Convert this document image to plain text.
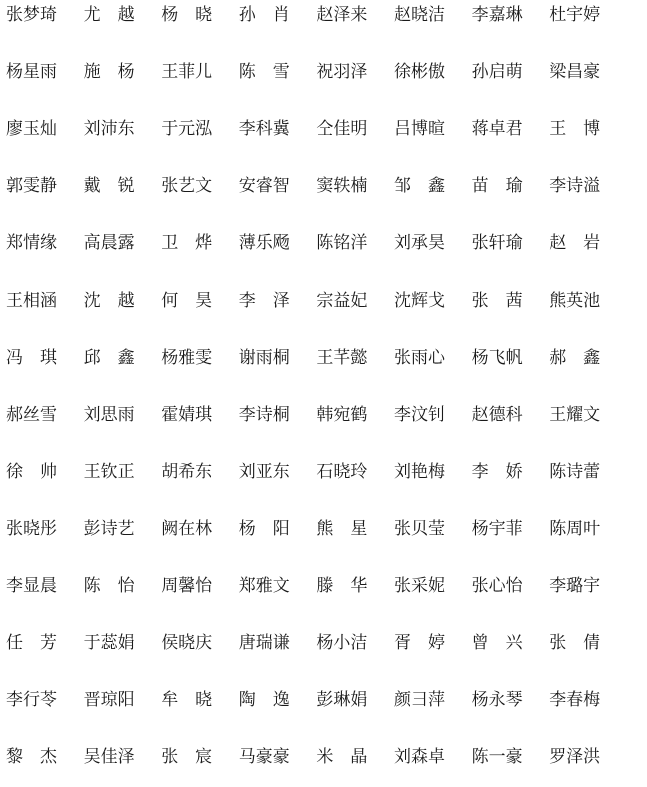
张梦琦	尤　越	杨　晓	孙　肖	赵泽来	赵晓洁	李嘉琳	杜宇婷
杨星雨	施　杨	王菲儿	陈　雪	祝羽泽	徐彬傲	孙启萌	梁昌豪
廖玉灿	刘沛东	于元泓	李科冀	仝佳明	吕博暄	蒋卓君	王　博
郭雯静	戴　锐	张艺文	安睿智	窦轶楠	邹　鑫	苗　瑜	李诗溢
郑情缘	高晨露	卫　烨	薄乐飏	陈铭洋	刘承昊	张轩瑜	赵　岩
王相涵	沈　越	何　昊	李　泽	宗益妃	沈辉戈	张　茜	熊英池
冯　琪	邱　鑫	杨雅雯	谢雨桐	王芊懿	张雨心	杨飞帆	郝　鑫
郝丝雪	刘思雨	霍婧琪	李诗桐	韩宛鹤	李汶钊	赵德科	王耀文
徐　帅	王钦正	胡希东	刘亚东	石晓玲	刘艳梅	李　娇	陈诗蕾
张晓彤	彭诗艺	阙在林	杨　阳	熊　星	张贝莹	杨宇菲	陈周叶
李显晨	陈　怡	周馨怡	郑雅文	滕　华	张采妮	张心怡	李璐宇
任　芳	于蕊娟	侯晓庆	唐瑞谦	杨小洁	胥　婷	曾　兴	张　倩
李行苓	晋琼阳	牟　晓	陶　逸	彭琳娟	颜彐萍	杨永琴	李春梅
黎　杰	吴佳泽	张　宸	马豪豪	米　晶	刘森卓	陈一豪	罗泽洪
